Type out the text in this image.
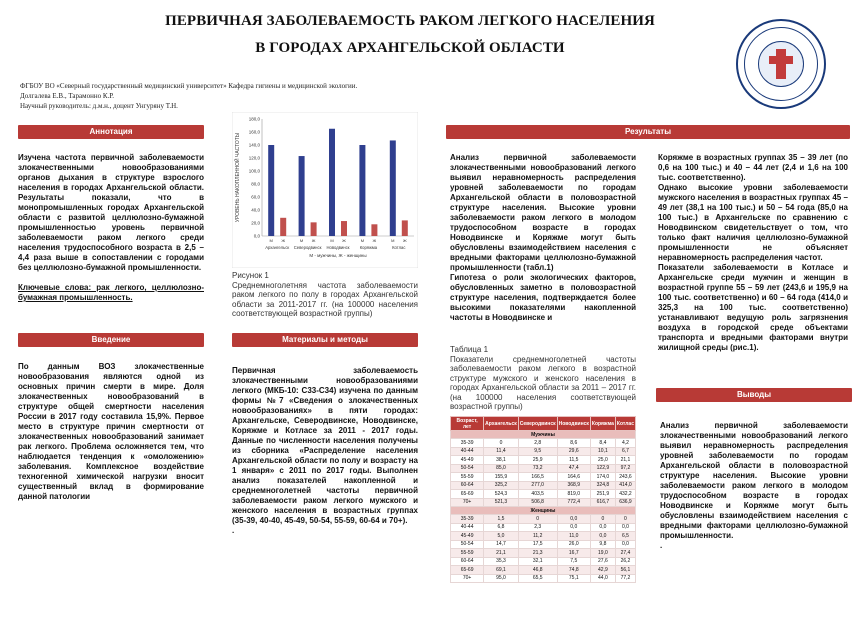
ПЕРВИЧНАЯ ЗАБОЛЕВАЕМОСТЬ РАКОМ ЛЕГКОГО НАСЕЛЕНИЯ
В ГОРОДАХ АРХАНГЕЛЬСКОЙ ОБЛАСТИ
ФГБОУ ВО «Северный государственный медицинский университет» Кафедра гигиены и медицинской экологии.
Долгалева Е.В., Тарамонно К.Р.
Научный руководитель: д.м.н., доцент Унгуряну Т.Н.
Аннотация
Изучена частота первичной заболеваемости злокачественными новообразованиями органов дыхания в структуре взрослого населения в городах Архангельской области. Результаты показали, что в монопромышленных городах Архангельской области с развитой целлюлозно-бумажной промышленностью уровень первичной заболеваемости раком легкого среди населения трудоспособного возраста в 2,5 – 4,4 раза выше в сопоставлении с городами без целлюлозно-бумажной промышленности.
Ключевые слова: рак легкого, целлюлозно-бумажная промышленность.
Введение
По данным ВОЗ злокачественные новообразования являются одной из основных причин смерти в мире. Доля злокачественных новообразований в структуре общей смертности населения России в 2017 году составила 15,9%. Первое место в структуре причин смертности от злокачественных новообразований занимает рак легкого. Проблема осложняется тем, что наблюдается тенденция к «омоложению» заболевания. Комплексное воздействие техногенной химической нагрузки вносит существенный вклад в формирование данной патологии
0,0
20,0
40,0
60,0
80,0
100,0
120,0
140,0
160,0
180,0
М Ж
Архангельск
М Ж
Северодвинск
М Ж
Новодвинск
М Ж
Коряжма
М Ж
Котлас
УРОВЕНЬ НАКОПЛЕННОЙ ЧАСТОТЫ
М - мужчины, Ж - женщины
Рисунок 1
Среднемноголетняя частота заболеваемости раком легкого по полу в городах Архангельской области за 2011-2017 гг. (на 100000 населения соответствующей возрастной группы)
Материалы и методы
Первичная заболеваемость злокачественными новообразованиями легкого (МКБ-10: С33-С34) изучена по данным формы №7 «Сведения о злокачественных новообразованиях» в пяти городах: Архангельске, Северодвинске, Новодвинске, Коряжме и Котласе за 2011 - 2017 годы. Данные по численности населения получены из сборника «Распределение населения Архангельской области по полу и возрасту на 1 января» с 2011 по 2017 годы. Выполнен анализ показателей накопленной и среднемноголетней частоты первичной заболеваемости раком легкого мужского и женского населения в возрастных группах (35-39, 40-40, 45-49, 50-54, 55-59, 60-64 и 70+).
.
Результаты
Анализ первичной заболеваемости злокачественными новообразований легкого выявил неравномерность распределения уровней заболеваемости по городам Архангельской области в половозрастной структуре населения. Высокие уровни заболеваемости раком легкого в молодом трудоспособном возрасте в городах Новодвинске и Коряжме могут быть обусловлены взаимодействием населения с вредными факторами целлюлозно-бумажной промышленности (табл.1)
Гипотеза о роли экологических факторов, обусловленных заметно в половозрастной структуре населения, подтверждается более высокими показателями накопленной частоты в Новодвинске и
Коряжме в возрастных группах 35 – 39 лет (по 0,6 на 100 тыс.) и 40 – 44 лет (2,4 и 1,6 на 100 тыс. соответственно).
Однако высокие уровни заболеваемости мужского населения в возрастных группах 45 – 49 лет (38,1 на 100 тыс.) и 50 – 54 года (85,0 на 100 тыс.) в Архангельске по сравнению с Новодвинском свидетельствует о том, что только факт наличия целлюлозно-бумажной промышленности не объясняет неравномерность распределения частот.
Показатели заболеваемости в Котласе и Архангельске среди мужчин и женщин в возрастной группе 55 – 59 лет (243,6 и 195,9 на 100 тыс. соответственно) и 60 – 64 года (414,0 и 325,3 на 100 тыс. соответственно) устанавливают ведущую роль загрязнения воздуха в городской среде объектами транспорта и вредными факторами внутри жилищной среды (рис.1).
Таблица 1
Показатели среднемноголетней частоты заболеваемости раком легкого в возрастной структуре мужского и женского населения в городах Архангельской области за 2011 – 2017 гг. (на 100000 населения соответствующей возрастной группы)
Возраст, лет	Архангельск	Северодвинск	Новодвинск	Коряжма	Котлас
Мужчины					
35-39	0	2,8	8,6	8,4	4,2
40-44	11,4	9,5	29,6	10,1	6,7
45-49	38,1	25,9	11,5	25,0	21,1
50-54	85,0	73,2	47,4	122,9	97,2
55-59	155,9	166,5	164,6	174,0	243,6
60-64	325,2	277,0	368,9	324,8	414,0
65-69	524,3	403,5	819,0	251,9	432,2
70+	521,3	506,8	772,4	616,7	636,9
Женщины					
35-39	1,5	0	0,0	0	0
40-44	6,8	2,3	0,0	0,0	0,0
45-49	5,0	11,2	11,0	0,0	6,5
50-54	14,7	17,5	26,0	9,8	0,0
55-59	21,1	21,3	16,7	19,0	27,4
60-64	35,3	32,1	7,5	27,6	26,2
65-69	69,1	46,8	74,8	42,9	56,1
70+	95,0	65,5	75,1	44,0	77,2
Выводы
Анализ первичной заболеваемости злокачественными новообразований легкого выявил неравномерность распределения уровней заболеваемости по городам Архангельской области в половозрастной структуре населения. Высокие уровни заболеваемости раком легкого в молодом трудоспособном возрасте в городах Новодвинске и Коряжме могут быть обусловлены взаимодействием населения с вредными факторами целлюлозно-бумажной промышленности.
.
